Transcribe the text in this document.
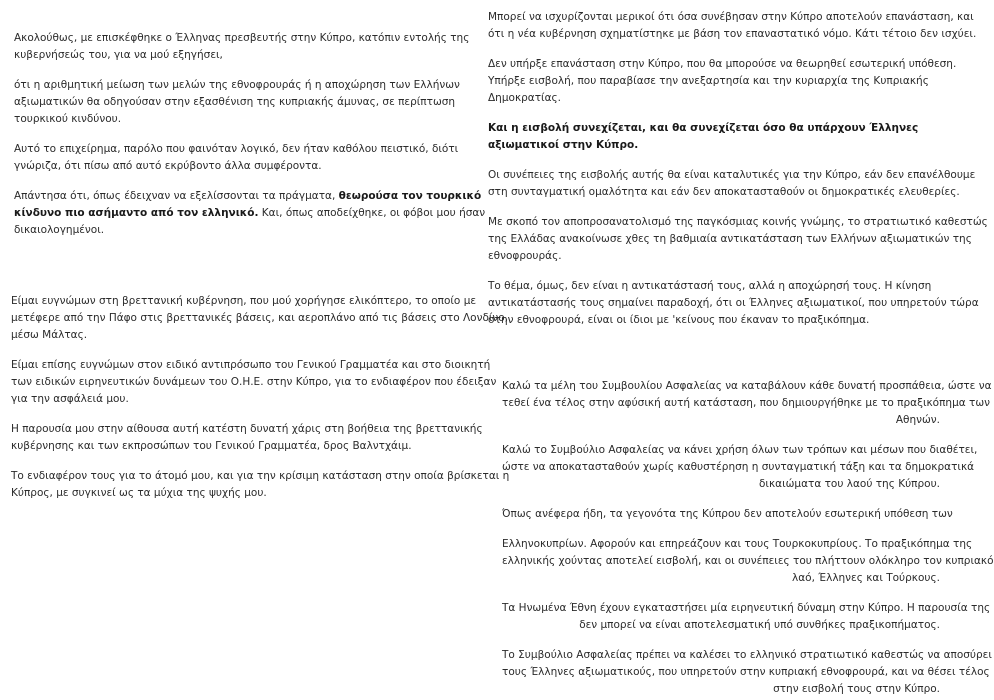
Ακολούθως, με επισκέφθηκε ο Έλληνας πρεσβευτής στην Κύπρο, κατόπιν εντολής της

κυβερνήσεώς του, για να μού εξηγήσει,

ότι η αριθμητική μείωση των μελών της εθνοφρουράς ή η αποχώρηση των Ελλήνων

αξιωματικών θα οδηγούσαν στην εξασθένιση της κυπριακής άμυνας, σε περίπτωση

τουρκικού κινδύνου.

Αυτό το επιχείρημα, παρόλο που φαινόταν λογικό, δεν ήταν καθόλου πειστικό, διότι

γνώριζα, ότι πίσω από αυτό εκρύβοντο άλλα συμφέροντα.

Απάντησα ότι, όπως έδειχναν να εξελίσσονται τα πράγματα, θεωρούσα τον τουρκικό

κίνδυνο πιο ασήμαντο από τον ελληνικό. Και, όπως αποδείχθηκε, οι φόβοι μου ήσαν

δικαιολογημένοι.

Είμαι ευγνώμων στη βρεττανική κυβέρνηση, που μού χορήγησε ελικόπτερο, το οποίο με

μετέφερε από την Πάφο στις βρεττανικές βάσεις, και αεροπλάνο από τις βάσεις στο Λονδίνο,

μέσω Μάλτας.

Είμαι επίσης ευγνώμων στον ειδικό αντιπρόσωπο του Γενικού Γραμματέα και στο διοικητή

των ειδικών ειρηνευτικών δυνάμεων του Ο.Η.Ε. στην Κύπρο, για το ενδιαφέρον που έδειξαν

για την ασφάλειά μου.

Η παρουσία μου στην αίθουσα αυτή κατέστη δυνατή χάρις στη βοήθεια της βρεττανικής

κυβέρνησης και των εκπροσώπων του Γενικού Γραμματέα, δρος Βαλντχάιμ.

Το ενδιαφέρον τους για το άτομό μου, και για την κρίσιμη κατάσταση στην οποία βρίσκεται η

Κύπρος, με συγκινεί ως τα μύχια της ψυχής μου.

Μπορεί να ισχυρίζονται μερικοί ότι όσα συνέβησαν στην Κύπρο αποτελούν επανάσταση, και

ότι η νέα κυβέρνηση σχηματίστηκε με βάση τον επαναστατικό νόμο. Κάτι τέτοιο δεν ισχύει.

Δεν υπήρξε επανάσταση στην Κύπρο, που θα μπορούσε να θεωρηθεί εσωτερική υπόθεση.

Υπήρξε εισβολή, που παραβίασε την ανεξαρτησία και την κυριαρχία της Κυπριακής

Δημοκρατίας.

Και η εισβολή συνεχίζεται, και θα συνεχίζεται όσο θα υπάρχουν Έλληνες

αξιωματικοί στην Κύπρο.

Οι συνέπειες της εισβολής αυτής θα είναι καταλυτικές για την Κύπρο, εάν δεν επανέλθουμε

στη συνταγματική ομαλότητα και εάν δεν αποκατασταθούν οι δημοκρατικές ελευθερίες.

Με σκοπό τον αποπροσανατολισμό της παγκόσμιας κοινής γνώμης, το στρατιωτικό καθεστώς

της Ελλάδας ανακοίνωσε χθες τη βαθμιαία αντικατάσταση των Ελλήνων αξιωματικών της

εθνοφρουράς.

Το θέμα, όμως, δεν είναι η αντικατάστασή τους, αλλά η αποχώρησή τους. Η κίνηση

αντικατάστασής τους σημαίνει παραδοχή, ότι οι Έλληνες αξιωματικοί, που υπηρετούν τώρα

στην εθνοφρουρά, είναι οι ίδιοι με 'κείνους που έκαναν το πραξικόπημα.

Καλώ τα μέλη του Συμβουλίου Ασφαλείας να καταβάλουν κάθε δυνατή προσπάθεια, ώστε να

τεθεί ένα τέλος στην αφύσική αυτή κατάσταση, που δημιουργήθηκε με το πραξικόπημα των

Αθηνών.

Καλώ το Συμβούλιο Ασφαλείας να κάνει χρήση όλων των τρόπων και μέσων που διαθέτει,

ώστε να αποκατασταθούν χωρίς καθυστέρηση η συνταγματική τάξη και τα δημοκρατικά

δικαιώματα του λαού της Κύπρου.

Όπως ανέφερα ήδη, τα γεγονότα της Κύπρου δεν αποτελούν εσωτερική υπόθεση των

Ελληνοκυπρίων. Αφορούν και επηρεάζουν και τους Τουρκοκυπρίους. Το πραξικόπημα της

ελληνικής χούντας αποτελεί εισβολή, και οι συνέπειες του πλήττουν ολόκληρο τον κυπριακό

λαό, Έλληνες και Τούρκους.

Τα Ηνωμένα Έθνη έχουν εγκαταστήσει μία ειρηνευτική δύναμη στην Κύπρο. Η παρουσία της

δεν μπορεί να είναι αποτελεσματική υπό συνθήκες πραξικοπήματος.

Το Συμβούλιο Ασφαλείας πρέπει να καλέσει το ελληνικό στρατιωτικό καθεστώς να αποσύρει

τους Έλληνες αξιωματικούς, που υπηρετούν στην κυπριακή εθνοφρουρά, και να θέσει τέλος

στην εισβολή τους στην Κύπρο.
